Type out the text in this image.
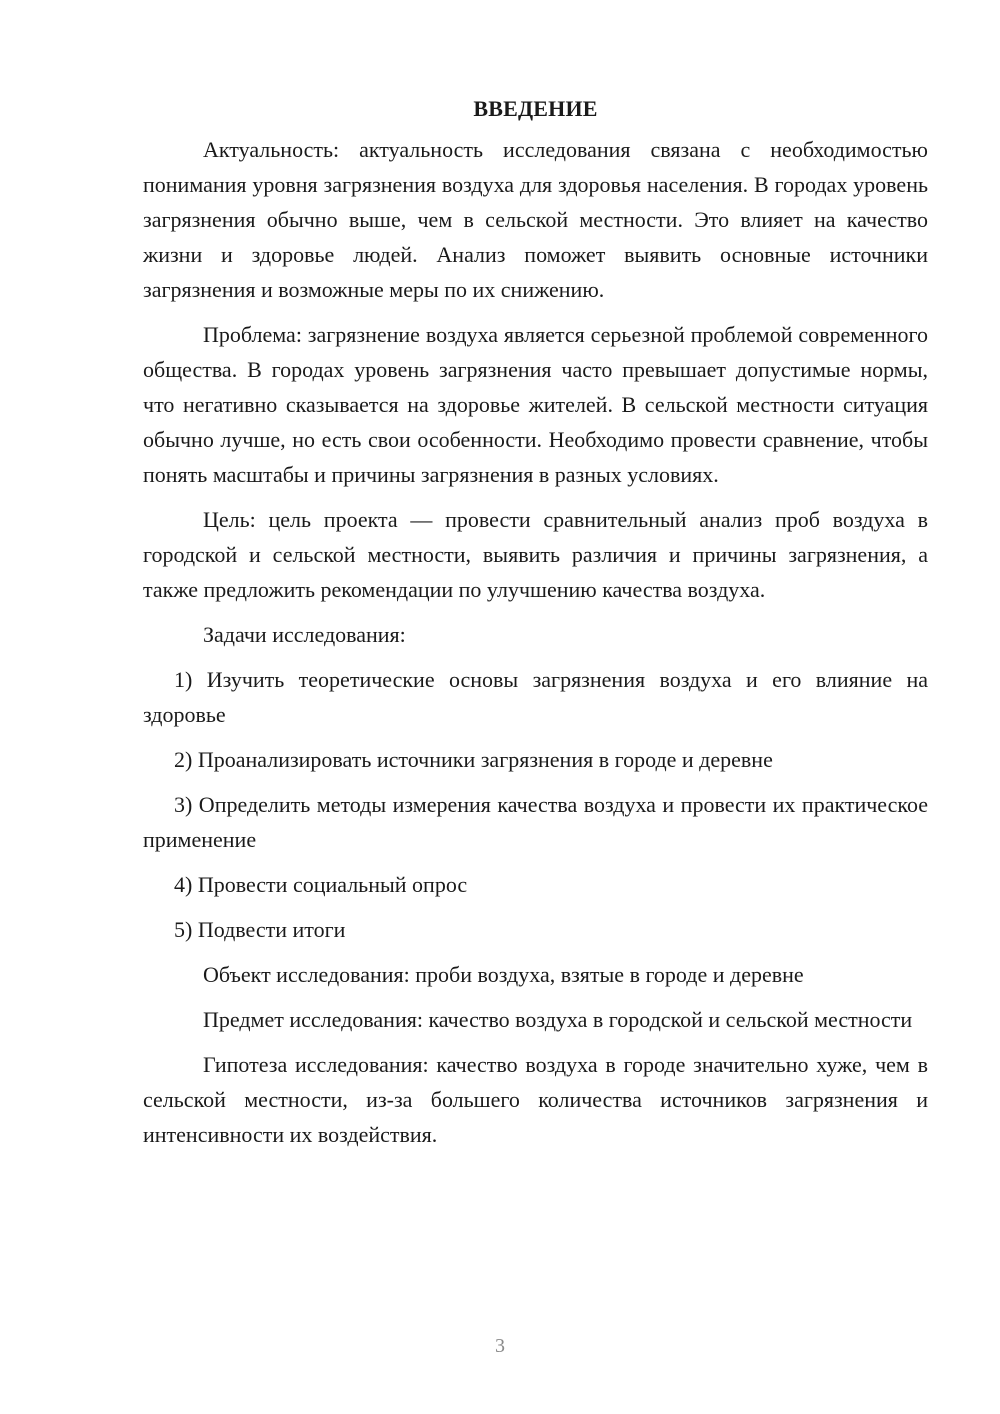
ВВЕДЕНИЕ

Актуальность: актуальность исследования связана с необходимостью понимания уровня загрязнения воздуха для здоровья населения. В городах уровень загрязнения обычно выше, чем в сельской местности. Это влияет на качество жизни и здоровье людей. Анализ поможет выявить основные источники загрязнения и возможные меры по их снижению.

Проблема: загрязнение воздуха является серьезной проблемой современного общества. В городах уровень загрязнения часто превышает допустимые нормы, что негативно сказывается на здоровье жителей. В сельской местности ситуация обычно лучше, но есть свои особенности. Необходимо провести сравнение, чтобы понять масштабы и причины загрязнения в разных условиях.

Цель: цель проекта — провести сравнительный анализ проб воздуха в городской и сельской местности, выявить различия и причины загрязнения, а также предложить рекомендации по улучшению качества воздуха.

Задачи исследования:

1) Изучить теоретические основы загрязнения воздуха и его влияние на здоровье

2) Проанализировать источники загрязнения в городе и деревне

3) Определить методы измерения качества воздуха и провести их практическое применение

4) Провести социальный опрос

5) Подвести итоги

Объект исследования: проби воздуха, взятые в городе и деревне

Предмет исследования: качество воздуха в городской и сельской местности

Гипотеза исследования: качество воздуха в городе значительно хуже, чем в сельской местности, из-за большего количества источников загрязнения и интенсивности их воздействия.

3
